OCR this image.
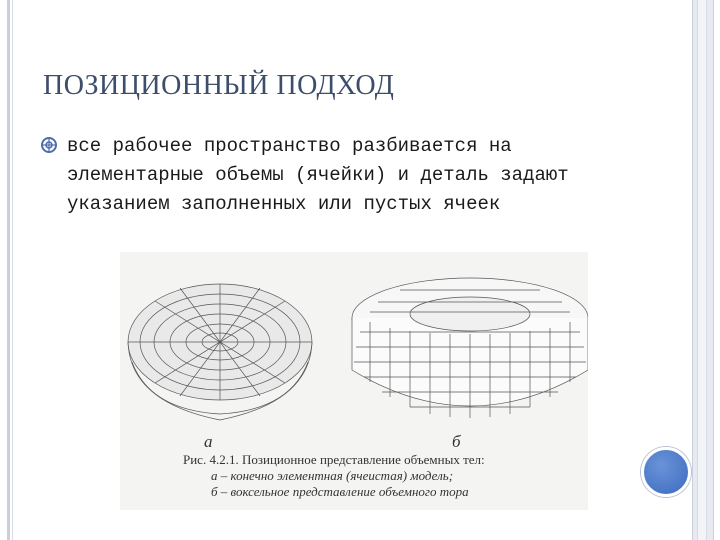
ПОЗИЦИОННЫЙ ПОДХОД
все рабочее пространство разбивается на элементарные объемы (ячейки) и деталь задают указанием заполненных или пустых ячеек
а	б
Рис. 4.2.1. Позиционное представление объемных тел:
а – конечно элементная (ячеистая) модель;
б – воксельное представление объемного тора
